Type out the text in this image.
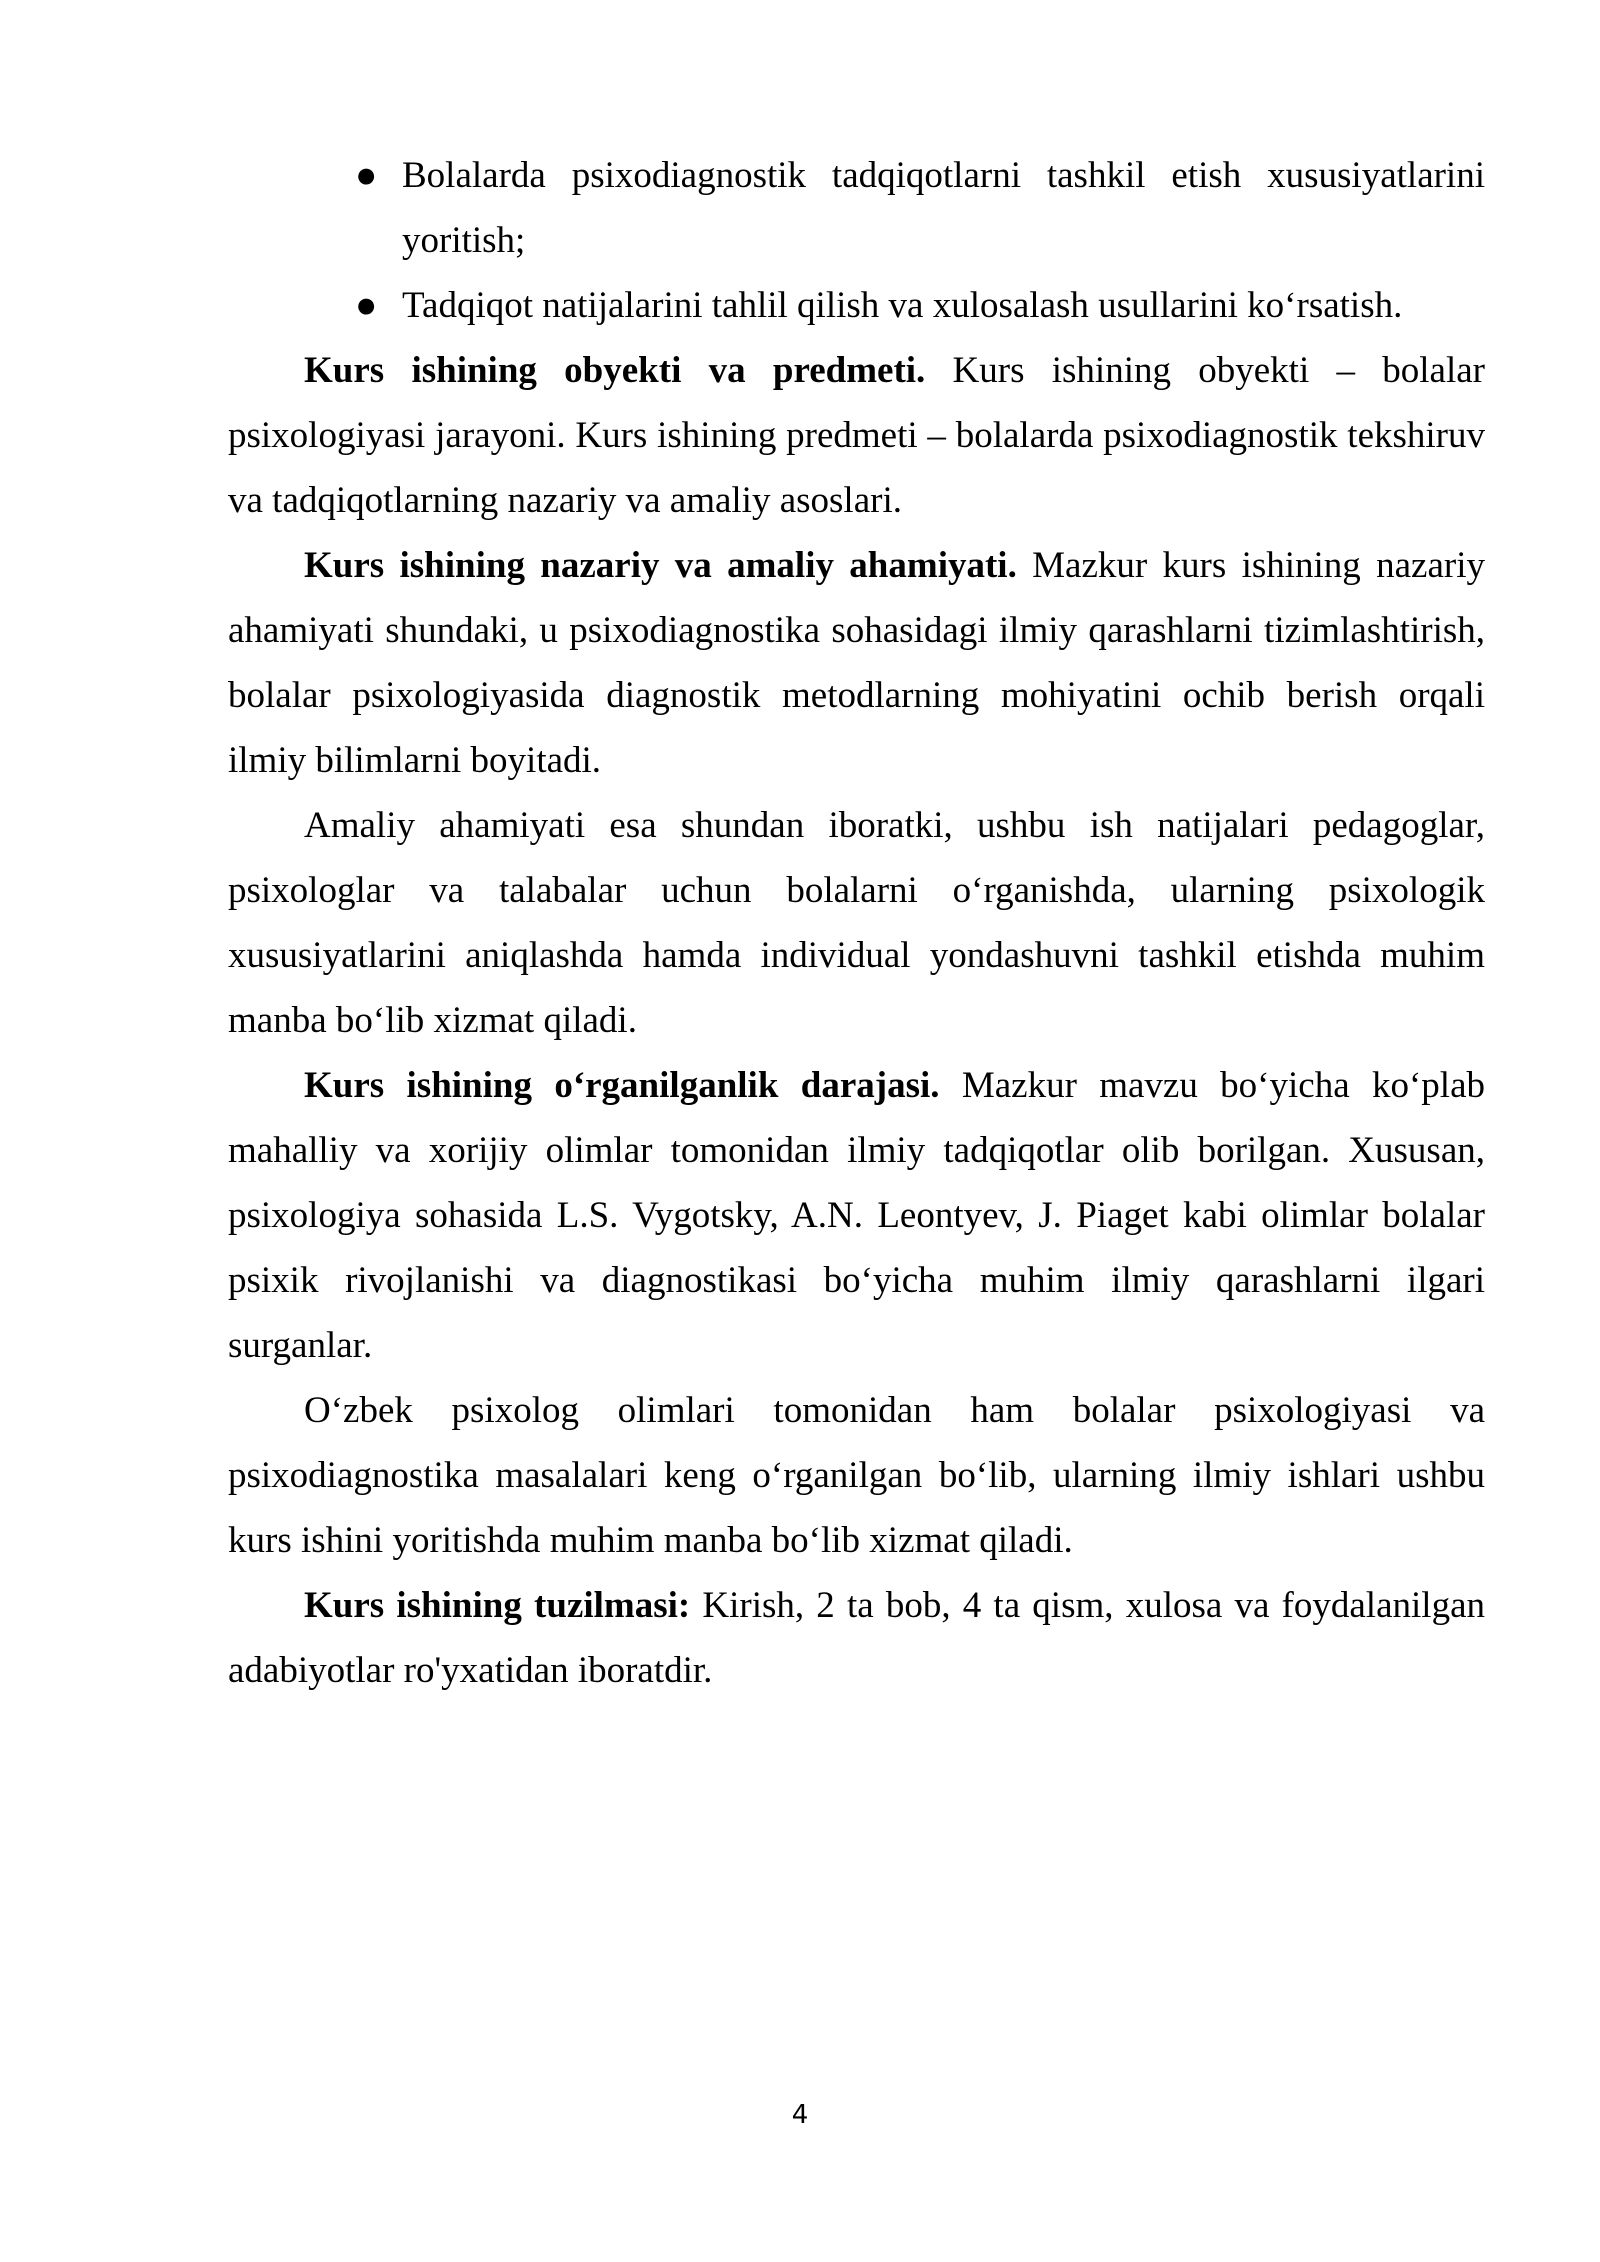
● Bolalarda psixodiagnostik tadqiqotlarni tashkil etish xususiyatlarini yoritish;
● Tadqiqot natijalarini tahlil qilish va xulosalash usullarini ko‘rsatish.

Kurs ishining obyekti va predmeti. Kurs ishining obyekti – bolalar psixologiyasi jarayoni. Kurs ishining predmeti – bolalarda psixodiagnostik tekshiruv va tadqiqotlarning nazariy va amaliy asoslari.

Kurs ishining nazariy va amaliy ahamiyati. Mazkur kurs ishining nazariy ahamiyati shundaki, u psixodiagnostika sohasidagi ilmiy qarashlarni tizimlashtirish, bolalar psixologiyasida diagnostik metodlarning mohiyatini ochib berish orqali ilmiy bilimlarni boyitadi.

Amaliy ahamiyati esa shundan iboratki, ushbu ish natijalari pedagoglar, psixologlar va talabalar uchun bolalarni o‘rganishda, ularning psixologik xususiyatlarini aniqlashda hamda individual yondashuvni tashkil etishda muhim manba bo‘lib xizmat qiladi.

Kurs ishining o‘rganilganlik darajasi. Mazkur mavzu bo‘yicha ko‘plab mahalliy va xorijiy olimlar tomonidan ilmiy tadqiqotlar olib borilgan. Xususan, psixologiya sohasida L.S. Vygotsky, A.N. Leontyev, J. Piaget kabi olimlar bolalar psixik rivojlanishi va diagnostikasi bo‘yicha muhim ilmiy qarashlarni ilgari surganlar.

O‘zbek psixolog olimlari tomonidan ham bolalar psixologiyasi va psixodiagnostika masalalari keng o‘rganilgan bo‘lib, ularning ilmiy ishlari ushbu kurs ishini yoritishda muhim manba bo‘lib xizmat qiladi.

Kurs ishining tuzilmasi: Kirish, 2 ta bob, 4 ta qism, xulosa va foydalanilgan adabiyotlar ro'yxatidan iboratdir.

4
